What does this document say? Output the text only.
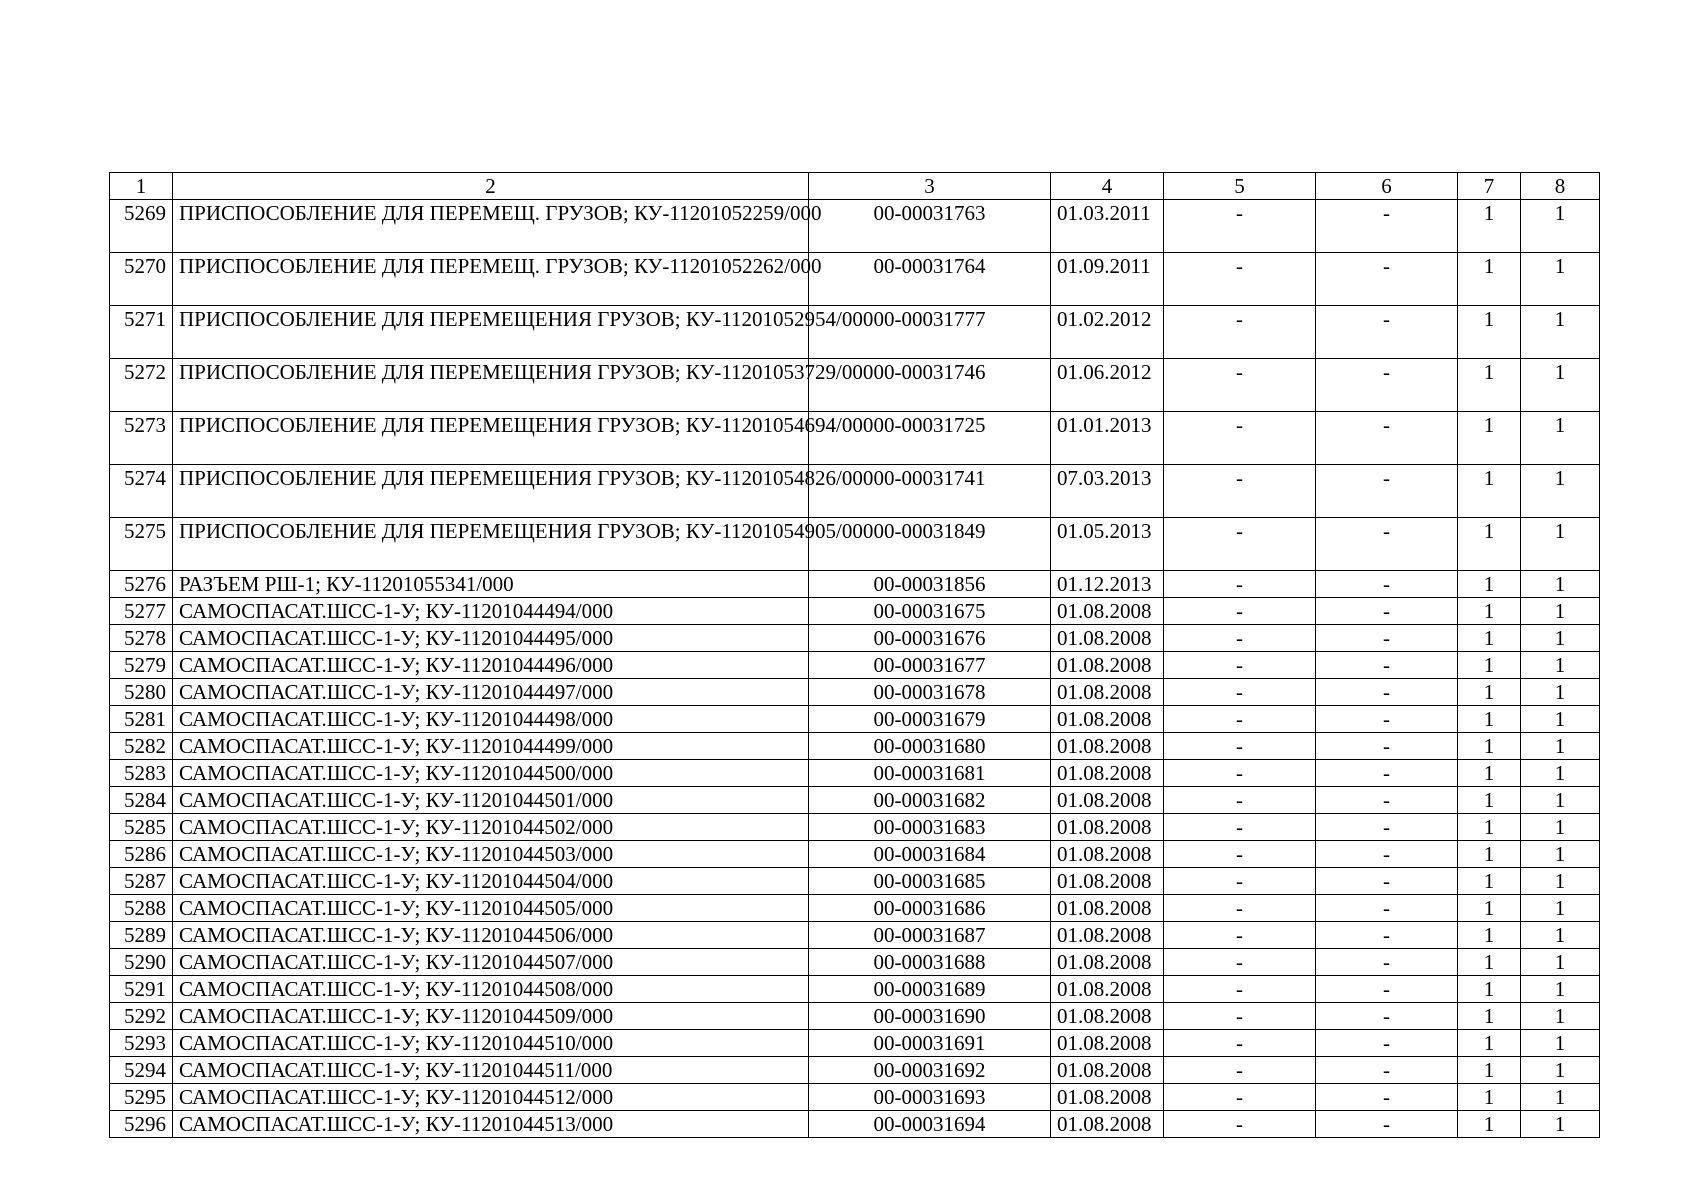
1	2	3	4	5	6	7	8
5269	ПРИСПОСОБЛЕНИЕ ДЛЯ ПЕРЕМЕЩ. ГРУЗОВ; КУ-11201052259/000	00-00031763	01.03.2011	-	-	1	1
5270	ПРИСПОСОБЛЕНИЕ ДЛЯ ПЕРЕМЕЩ. ГРУЗОВ; КУ-11201052262/000	00-00031764	01.09.2011	-	-	1	1
5271	ПРИСПОСОБЛЕНИЕ ДЛЯ ПЕРЕМЕЩЕНИЯ ГРУЗОВ; КУ-11201052954/000	00-00031777	01.02.2012	-	-	1	1
5272	ПРИСПОСОБЛЕНИЕ ДЛЯ ПЕРЕМЕЩЕНИЯ ГРУЗОВ; КУ-11201053729/000	00-00031746	01.06.2012	-	-	1	1
5273	ПРИСПОСОБЛЕНИЕ ДЛЯ ПЕРЕМЕЩЕНИЯ ГРУЗОВ; КУ-11201054694/000	00-00031725	01.01.2013	-	-	1	1
5274	ПРИСПОСОБЛЕНИЕ ДЛЯ ПЕРЕМЕЩЕНИЯ ГРУЗОВ; КУ-11201054826/000	00-00031741	07.03.2013	-	-	1	1
5275	ПРИСПОСОБЛЕНИЕ ДЛЯ ПЕРЕМЕЩЕНИЯ ГРУЗОВ; КУ-11201054905/000	00-00031849	01.05.2013	-	-	1	1
5276	РАЗЪЕМ РШ-1; КУ-11201055341/000	00-00031856	01.12.2013	-	-	1	1
5277	САМОСПАСАТ.ШСС-1-У; КУ-11201044494/000	00-00031675	01.08.2008	-	-	1	1
5278	САМОСПАСАТ.ШСС-1-У; КУ-11201044495/000	00-00031676	01.08.2008	-	-	1	1
5279	САМОСПАСАТ.ШСС-1-У; КУ-11201044496/000	00-00031677	01.08.2008	-	-	1	1
5280	САМОСПАСАТ.ШСС-1-У; КУ-11201044497/000	00-00031678	01.08.2008	-	-	1	1
5281	САМОСПАСАТ.ШСС-1-У; КУ-11201044498/000	00-00031679	01.08.2008	-	-	1	1
5282	САМОСПАСАТ.ШСС-1-У; КУ-11201044499/000	00-00031680	01.08.2008	-	-	1	1
5283	САМОСПАСАТ.ШСС-1-У; КУ-11201044500/000	00-00031681	01.08.2008	-	-	1	1
5284	САМОСПАСАТ.ШСС-1-У; КУ-11201044501/000	00-00031682	01.08.2008	-	-	1	1
5285	САМОСПАСАТ.ШСС-1-У; КУ-11201044502/000	00-00031683	01.08.2008	-	-	1	1
5286	САМОСПАСАТ.ШСС-1-У; КУ-11201044503/000	00-00031684	01.08.2008	-	-	1	1
5287	САМОСПАСАТ.ШСС-1-У; КУ-11201044504/000	00-00031685	01.08.2008	-	-	1	1
5288	САМОСПАСАТ.ШСС-1-У; КУ-11201044505/000	00-00031686	01.08.2008	-	-	1	1
5289	САМОСПАСАТ.ШСС-1-У; КУ-11201044506/000	00-00031687	01.08.2008	-	-	1	1
5290	САМОСПАСАТ.ШСС-1-У; КУ-11201044507/000	00-00031688	01.08.2008	-	-	1	1
5291	САМОСПАСАТ.ШСС-1-У; КУ-11201044508/000	00-00031689	01.08.2008	-	-	1	1
5292	САМОСПАСАТ.ШСС-1-У; КУ-11201044509/000	00-00031690	01.08.2008	-	-	1	1
5293	САМОСПАСАТ.ШСС-1-У; КУ-11201044510/000	00-00031691	01.08.2008	-	-	1	1
5294	САМОСПАСАТ.ШСС-1-У; КУ-11201044511/000	00-00031692	01.08.2008	-	-	1	1
5295	САМОСПАСАТ.ШСС-1-У; КУ-11201044512/000	00-00031693	01.08.2008	-	-	1	1
5296	САМОСПАСАТ.ШСС-1-У; КУ-11201044513/000	00-00031694	01.08.2008	-	-	1	1
